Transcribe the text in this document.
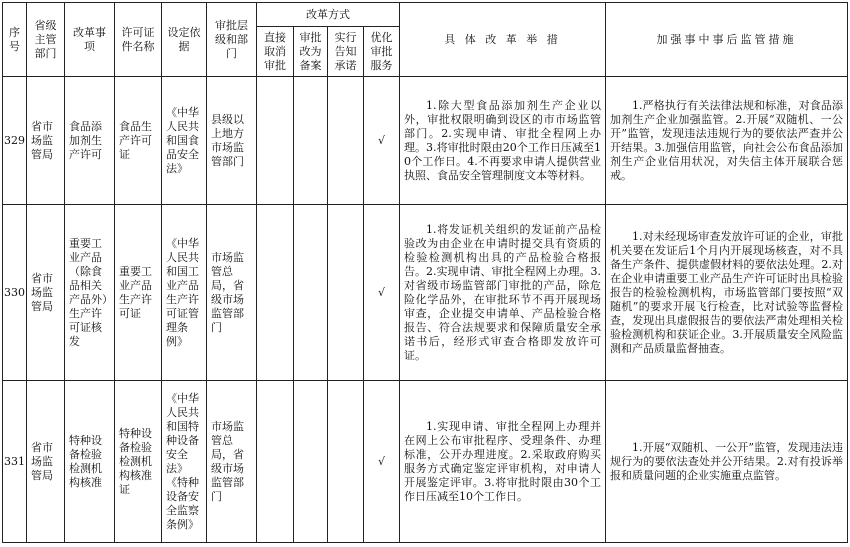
序号	省级主管部门	改革事项	许可证件名称	设定依据	审批层级和部门	改革方式				具 体 改 革 举 措	加强事中事后监管措施

						直接取消审批	审批改为备案	实行告知承诺	优化审批服务		

329	省市场监管局	食品添加剂生产许可	食品生产许可证	《中华人民共和国食品安全法》	县级以上地方市场监管部门				√	1.除大型食品添加剂生产企业以外，审批权限明确到设区的市市场监管部门。2.实现申请、审批全程网上办理。3.将审批时限由20个工作日压减至10个工作日。4.不再要求申请人提供营业执照、食品安全管理制度文本等材料。	1.严格执行有关法律法规和标准，对食品添加剂生产企业加强监管。2.开展“双随机、一公开”监管，发现违法违规行为的要依法严查并公开结果。3.加强信用监管，向社会公布食品添加剂生产企业信用状况，对失信主体开展联合惩戒。

330	省市场监管局	重要工业产品（除食品相关产品外）生产许可证核发	重要工业产品生产许可证	《中华人民共和国工业产品生产许可证管理条例》	市场监管总局，省级市场监管部门				√	1.将发证机关组织的发证前产品检验改为由企业在申请时提交具有资质的检验检测机构出具的产品检验合格报告。2.实现申请、审批全程网上办理。3.对省级市场监管部门审批的产品，除危险化学品外，在审批环节不再开展现场审查，企业提交申请单、产品检验合格报告、符合法规要求和保障质量安全承诺书后，经形式审查合格即发放许可证。	1.对未经现场审查发放许可证的企业，审批机关要在发证后1个月内开展现场核查，对不具备生产条件、提供虚假材料的要依法处理。2.对在企业申请重要工业产品生产许可证时出具检验报告的检验检测机构，市场监管部门要按照“双随机”的要求开展飞行检查，比对试验等监督检查，发现出具虚假报告的要依法严肃处理相关检验检测机构和获证企业。3.开展质量安全风险监测和产品质量监督抽查。

331	省市场监管局	特种设备检验检测机构核准	特种设备检验检测机构核准证	《中华人民共和国特种设备安全法》《特种设备安全监察条例》	市场监管总局，省级市场监管部门				√	1.实现申请、审批全程网上办理并在网上公布审批程序、受理条件、办理标准，公开办理进度。2.采取政府购买服务方式确定鉴定评审机构，对申请人开展鉴定评审。3.将审批时限由30个工作日压减至10个工作日。	1.开展“双随机、一公开”监管，发现违法违规行为的要依法查处并公开结果。2.对有投诉举报和质量问题的企业实施重点监管。
